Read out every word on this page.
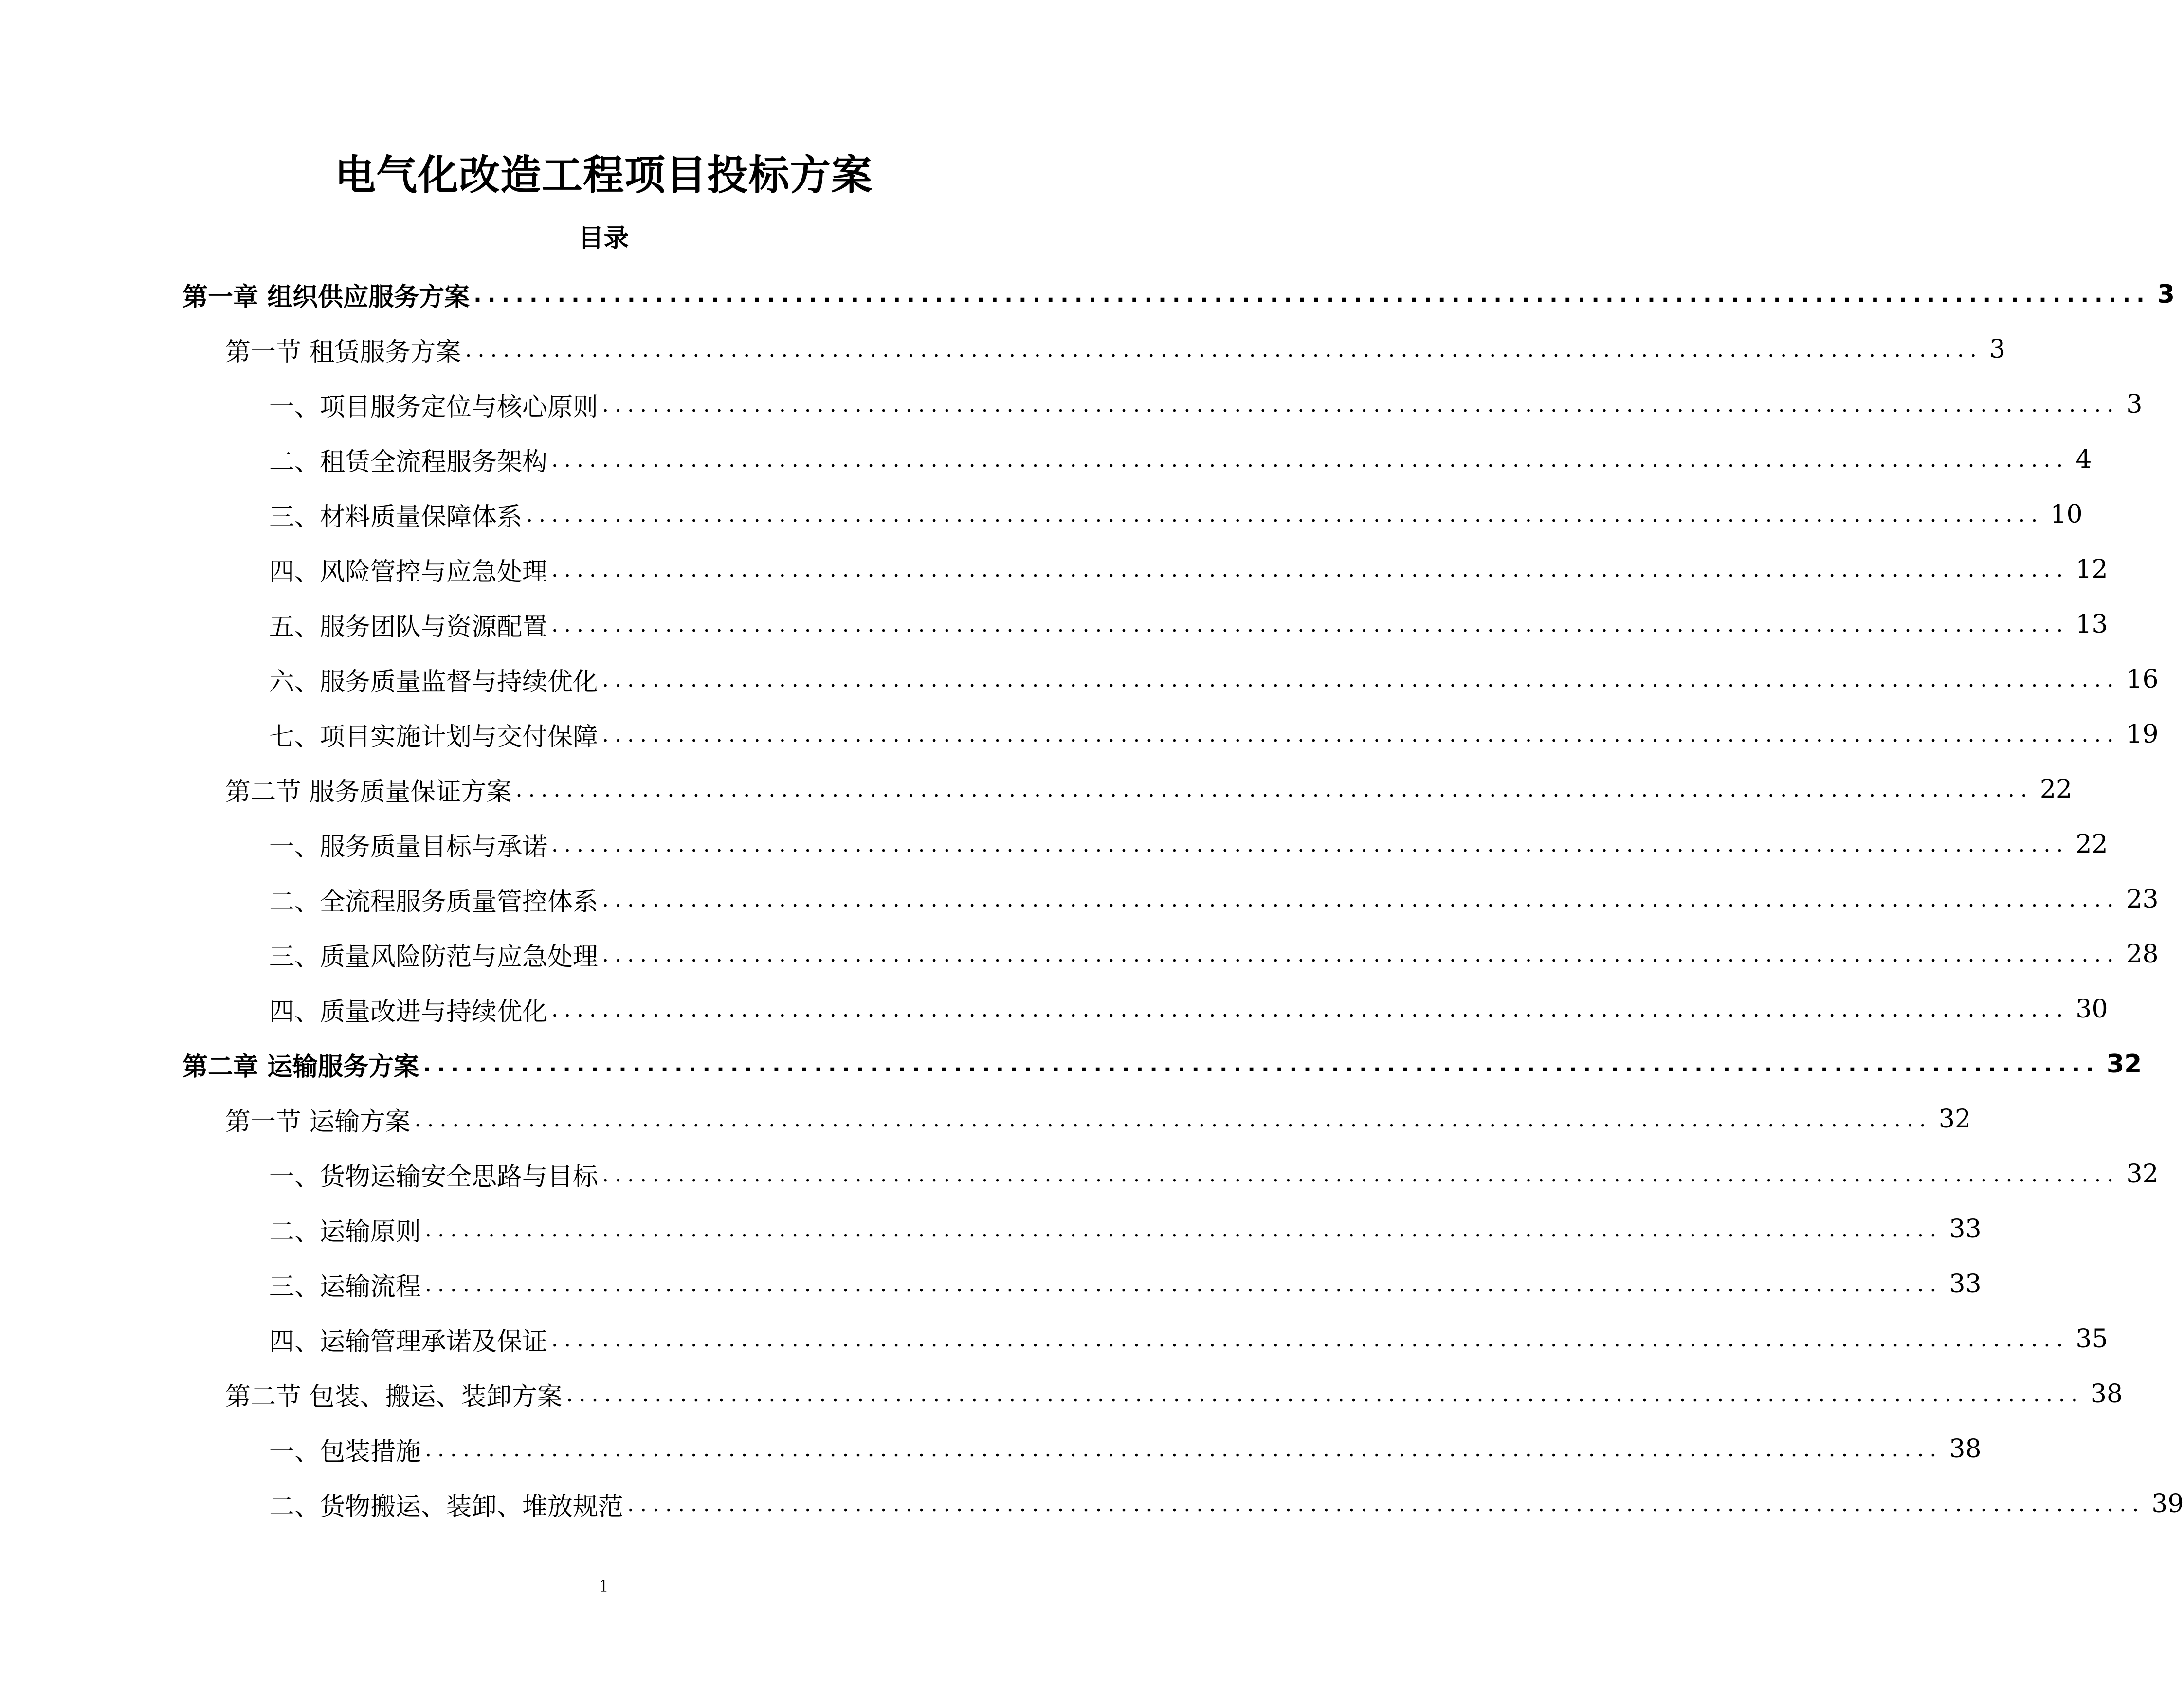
电气化改造工程项目投标方案
目录
第一章 组织供应服务方案 ........................................................................................................................ 3
第一节 租赁服务方案 ........................................................................................................................ 3
一、项目服务定位与核心原则 ........................................................................................................................ 3
二、租赁全流程服务架构 ........................................................................................................................ 4
三、材料质量保障体系 ........................................................................................................................ 10
四、风险管控与应急处理 ........................................................................................................................ 12
五、服务团队与资源配置 ........................................................................................................................ 13
六、服务质量监督与持续优化 ........................................................................................................................ 16
七、项目实施计划与交付保障 ........................................................................................................................ 19
第二节 服务质量保证方案 ........................................................................................................................ 22
一、服务质量目标与承诺 ........................................................................................................................ 22
二、全流程服务质量管控体系 ........................................................................................................................ 23
三、质量风险防范与应急处理 ........................................................................................................................ 28
四、质量改进与持续优化 ........................................................................................................................ 30
第二章 运输服务方案 ........................................................................................................................ 32
第一节 运输方案 ........................................................................................................................ 32
一、货物运输安全思路与目标 ........................................................................................................................ 32
二、运输原则 ........................................................................................................................ 33
三、运输流程 ........................................................................................................................ 33
四、运输管理承诺及保证 ........................................................................................................................ 35
第二节 包装、搬运、装卸方案 ........................................................................................................................ 38
一、包装措施 ........................................................................................................................ 38
二、货物搬运、装卸、堆放规范 ........................................................................................................................ 39
1
